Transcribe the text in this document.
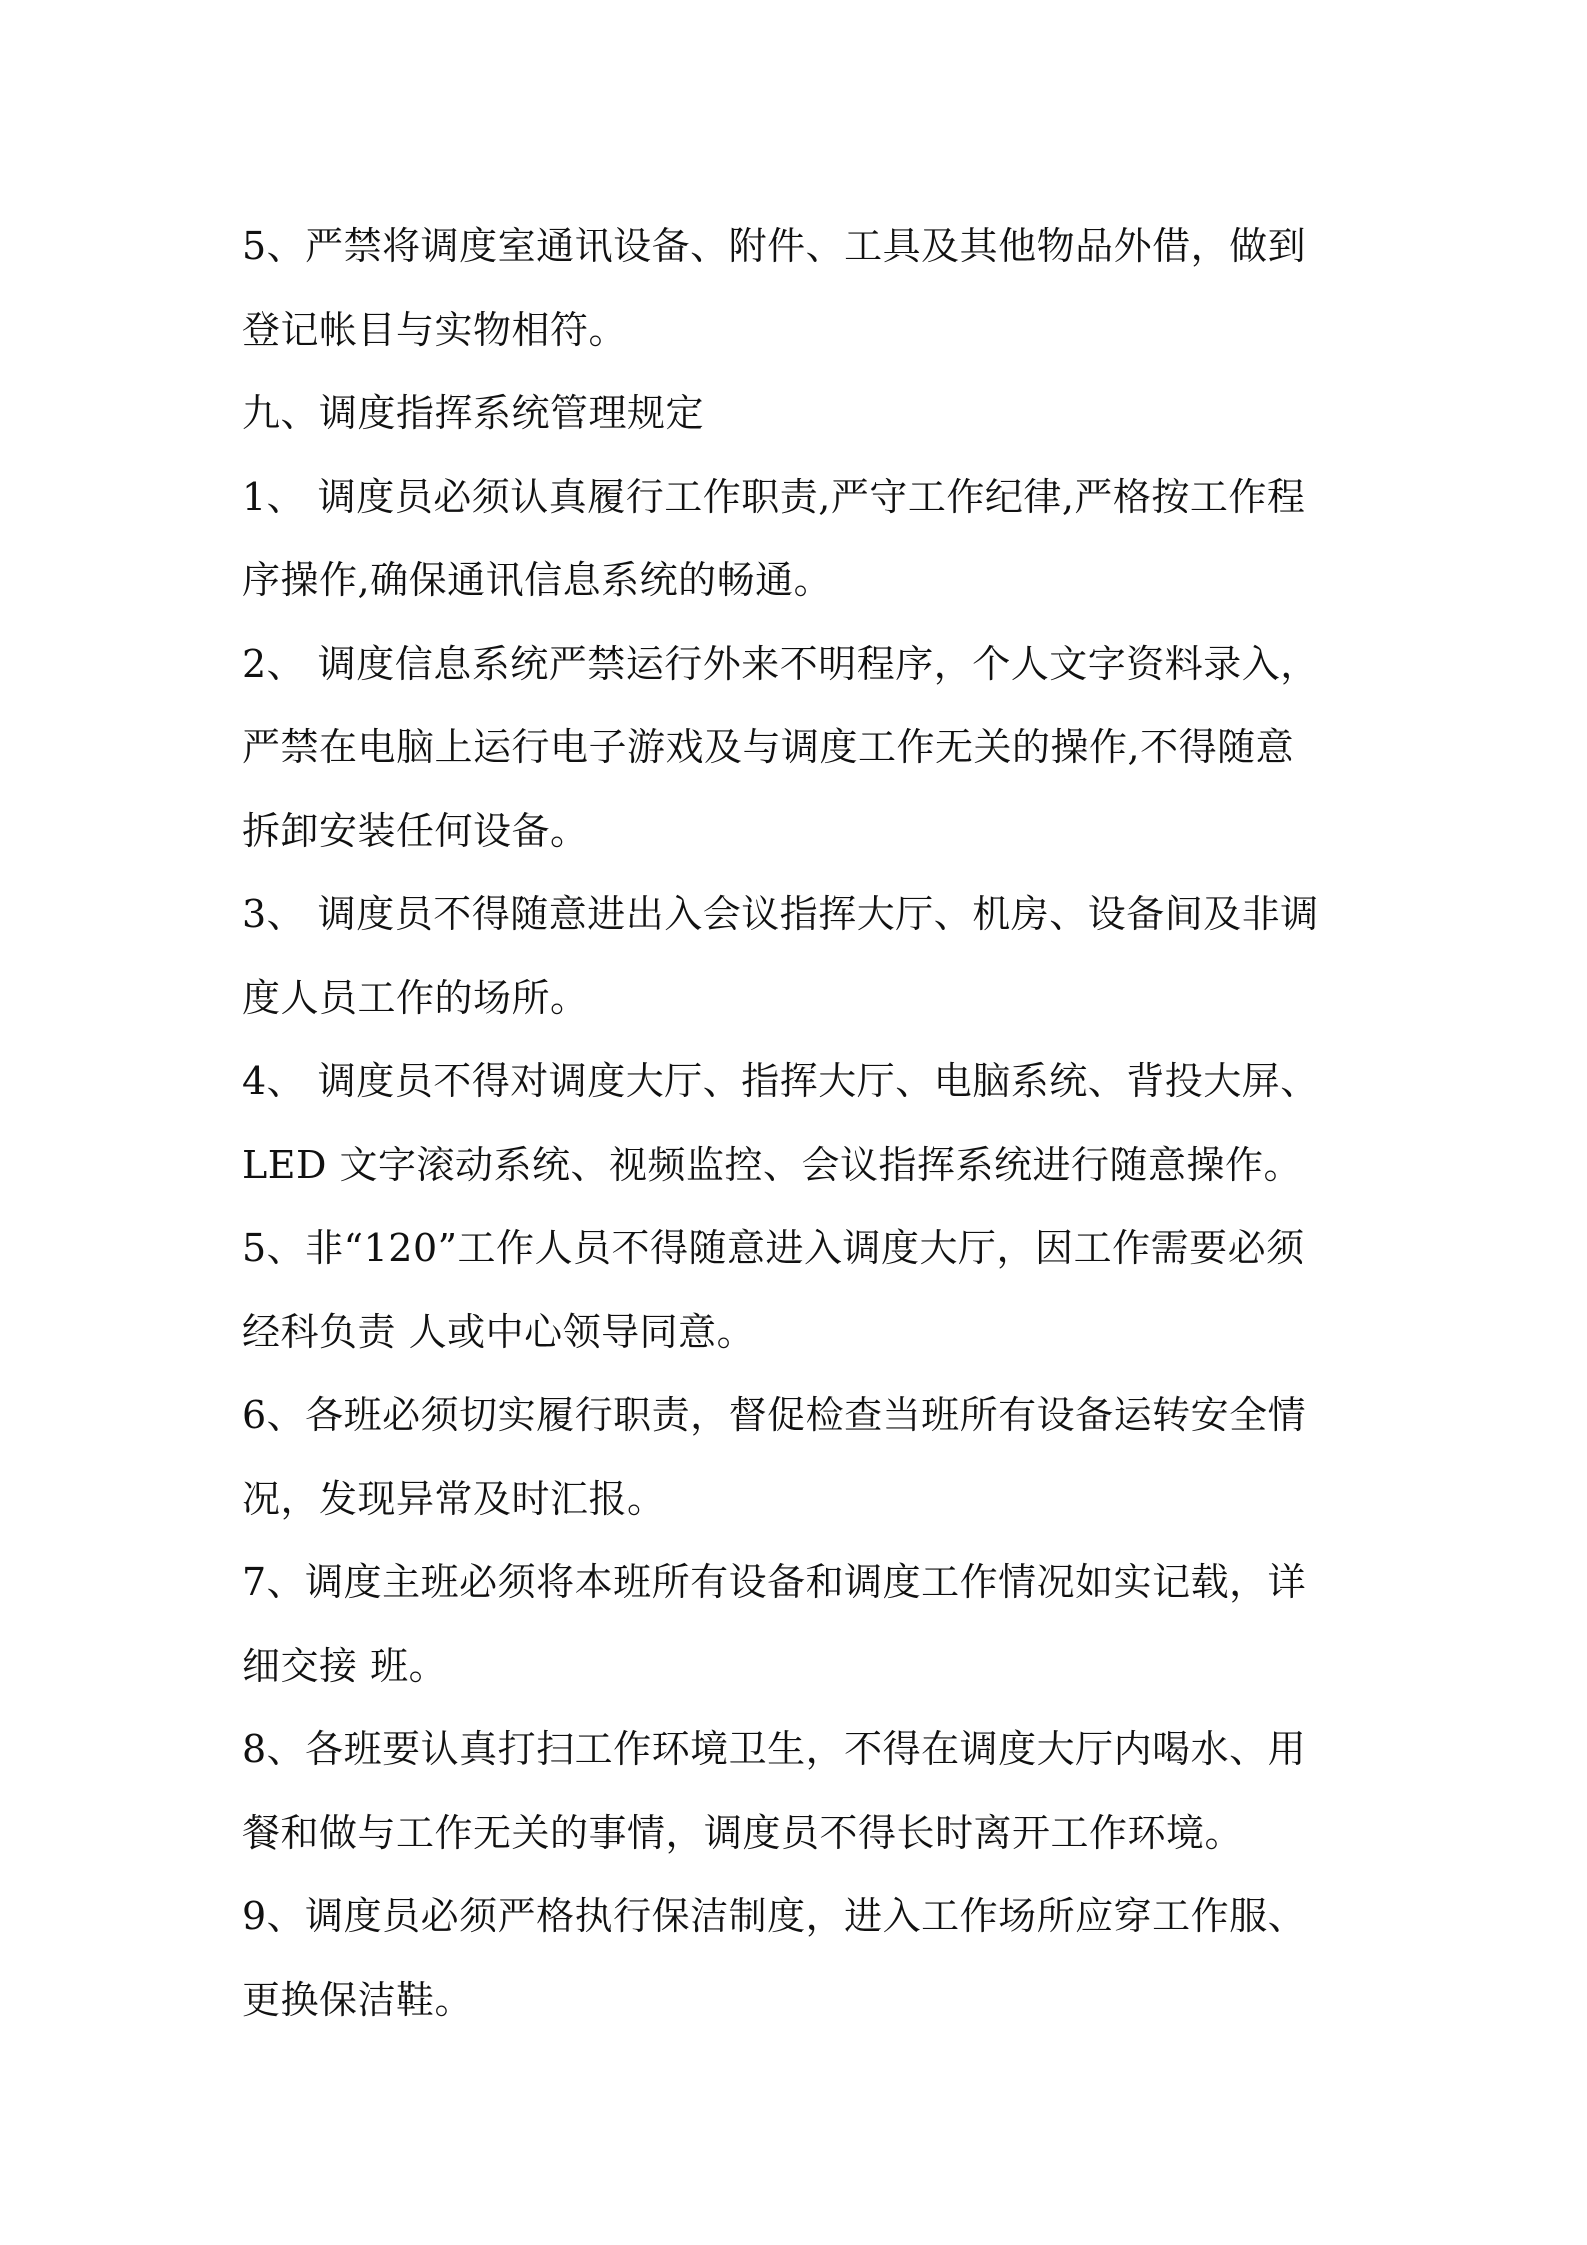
5、严禁将调度室通讯设备、附件、工具及其他物品外借，做到
登记帐目与实物相符。
九、调度指挥系统管理规定
1、 调度员必须认真履行工作职责,严守工作纪律,严格按工作程
序操作,确保通讯信息系统的畅通。
2、 调度信息系统严禁运行外来不明程序，个人文字资料录入，
严禁在电脑上运行电子游戏及与调度工作无关的操作,不得随意
拆卸安装任何设备。
3、 调度员不得随意进出入会议指挥大厅、机房、设备间及非调
度人员工作的场所。
4、 调度员不得对调度大厅、指挥大厅、电脑系统、背投大屏、
LED 文字滚动系统、视频监控、会议指挥系统进行随意操作。
5、非“120”工作人员不得随意进入调度大厅，因工作需要必须
经科负责 人或中心领导同意。
6、各班必须切实履行职责，督促检查当班所有设备运转安全情
况，发现异常及时汇报。
7、调度主班必须将本班所有设备和调度工作情况如实记载，详
细交接 班。
8、各班要认真打扫工作环境卫生，不得在调度大厅内喝水、用
餐和做与工作无关的事情，调度员不得长时离开工作环境。
9、调度员必须严格执行保洁制度，进入工作场所应穿工作服、
更换保洁鞋。
